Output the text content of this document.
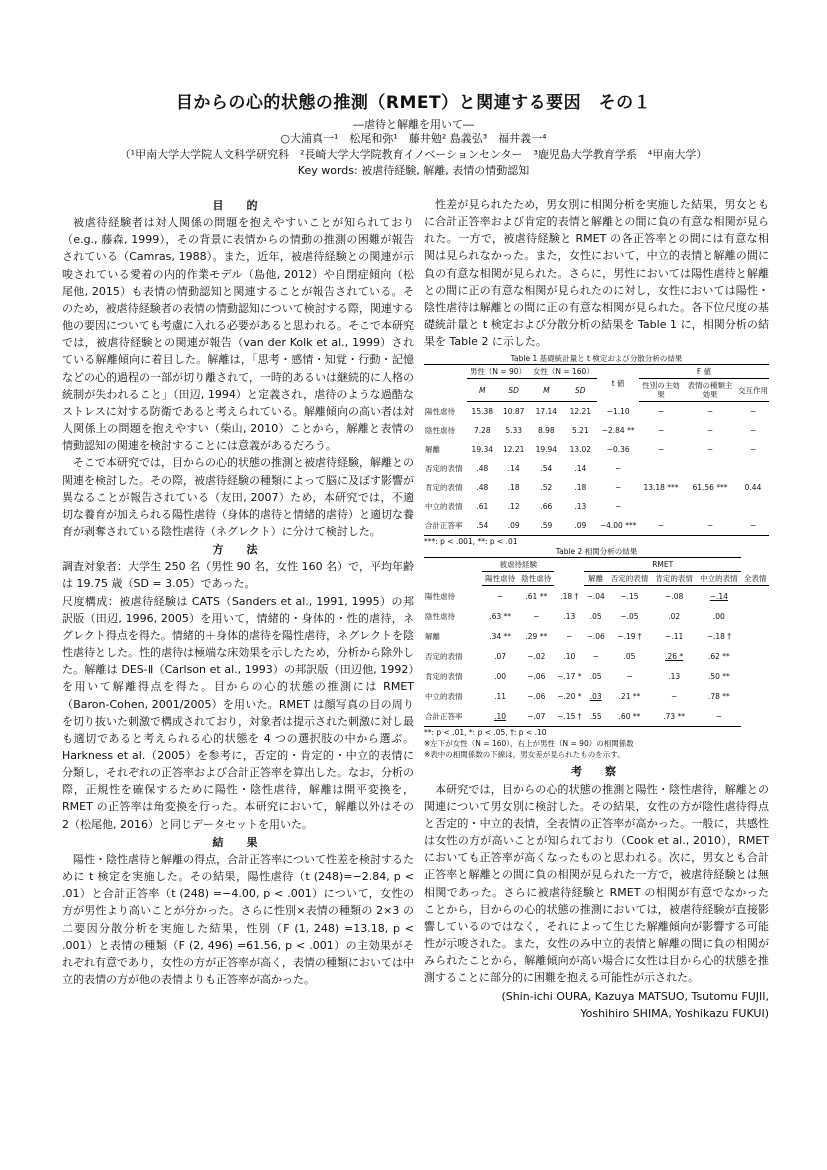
目からの心的状態の推測（RMET）と関連する要因　その１
―虐待と解離を用いて―
○大浦真一¹　松尾和弥¹　藤井勉² 島義弘³　福井義一⁴
（¹甲南大学大学院人文科学研究科　²長崎大学大学院教育イノベーションセンター　³鹿児島大学教育学系　⁴甲南大学）
Key words: 被虐待経験, 解離, 表情の情動認知
目　的

被虐待経験者は対人関係の問題を抱えやすいことが知られており（e.g., 藤森, 1999），その背景に表情からの情動の推測の困難が報告されている（Camras, 1988）。また，近年，被虐待経験との関連が示唆されている愛着の内的作業モデル（島他, 2012）や自閉症傾向（松尾他, 2015）も表情の情動認知と関連することが報告されている。そのため，被虐待経験者の表情の情動認知について検討する際，関連する他の要因についても考慮に入れる必要があると思われる。そこで本研究では，被虐待経験との関連が報告（van der Kolk et al., 1999）されている解離傾向に着目した。解離は，｢思考・感情・知覚・行動・記憶などの心的過程の一部が切り離されて，一時的あるいは継続的に人格の統制が失われること｣（田辺, 1994）と定義され，虐待のような過酷なストレスに対する防衛であると考えられている。解離傾向の高い者は対人関係上の問題を抱えやすい（柴山, 2010）ことから，解離と表情の情動認知の関連を検討することには意義があるだろう。

そこで本研究では，目からの心的状態の推測と被虐待経験，解離との関連を検討した。その際，被虐待経験の種類によって脳に及ぼす影響が異なることが報告されている（友田, 2007）ため，本研究では，不適切な養育が加えられる陽性虐待（身体的虐待と情緒的虐待）と適切な養育が剥奪されている陰性虐待（ネグレクト）に分けて検討した。

方　法

調査対象者：大学生 250 名（男性 90 名，女性 160 名）で，平均年齢は 19.75 歳（SD = 3.05）であった。

尺度構成：被虐待経験は CATS（Sanders et al., 1991, 1995）の邦訳版（田辺, 1996, 2005）を用いて，情緒的・身体的・性的虐待，ネグレクト得点を得た。情緒的＋身体的虐待を陽性虐待，ネグレクトを陰性虐待とした。性的虐待は極端な床効果を示したため，分析から除外した。解離は DES-Ⅱ（Carlson et al., 1993）の邦訳版（田辺他, 1992）を用いて解離得点を得た。目からの心的状態の推測には RMET（Baron-Cohen, 2001/2005）を用いた。RMET は顔写真の目の周りを切り抜いた刺激で構成されており，対象者は提示された刺激に対し最も適切であると考えられる心的状態を 4 つの選択肢の中から選ぶ。Harkness et al.（2005）を参考に，否定的・肯定的・中立的表情に分類し，それぞれの正答率および合計正答率を算出した。なお，分析の際，正規性を確保するために陽性・陰性虐待，解離は開平変換を，RMET の正答率は角変換を行った。本研究において，解離以外はその 2（松尾他, 2016）と同じデータセットを用いた。

結　果

陽性・陰性虐待と解離の得点，合計正答率について性差を検討するために t 検定を実施した。その結果，陽性虐待（t (248)=−2.84, p < .01）と合計正答率（t (248) =−4.00, p < .001）について，女性の方が男性より高いことが分かった。さらに性別×表情の種類の 2×3 の二要因分散分析を実施した結果，性別（F (1, 248) =13.18, p < .001）と表情の種類（F (2, 496) =61.56, p < .001）の主効果がそれぞれ有意であり，女性の方が正答率が高く，表情の種類においては中立的表情の方が他の表情よりも正答率が高かった。

性差が見られたため，男女別に相関分析を実施した結果，男女ともに合計正答率および肯定的表情と解離との間に負の有意な相関が見られた。一方で，被虐待経験と RMET の各正答率との間には有意な相関は見られなかった。また，女性において，中立的表情と解離の間に負の有意な相関が見られた。さらに，男性においては陽性虐待と解離との間に正の有意な相関が見られたのに対し，女性においては陽性・陰性虐待は解離との間に正の有意な相関が見られた。各下位尺度の基礎統計量と t 検定および分散分析の結果を Table 1 に，相関分析の結果を Table 2 に示した。

Table 1 基礎統計量と t 検定および分散分析の結果
	男性（N = 90）		女性（N = 160）		t 値	F 値		
	M	SD	M	SD		性別の主効果	表情の種類主効果	交互作用
陽性虐待	15.38	10.87	17.14	12.21	−1.10	−	−	−
陰性虐待	7.28	5.33	8.98	5.21	−2.84 **	−	−	−
解離	19.34	12.21	19.94	13.02	−0.36	−	−	−
否定的表情	.48	.14	.54	.14	−			
肯定的表情	.48	.18	.52	.18	−	13.18 ***	61.56 ***	0.44
中立的表情	.61	.12	.66	.13	−			
合計正答率	.54	.09	.59	.09	−4.00 ***	−	−	−
***: p < .001, **: p < .01
Table 2 相関分析の結果
	被虐待経験			RMET				
	陽性虐待	陰性虐待		解離	否定的表情	肯定的表情	中立的表情	全表情
陽性虐待	−	.61 **	.18 †	−.04	−.15	−.08	−.14	
陰性虐待	.63 **	−	.13	.05	−.05	.02	.00	
解離	.34 **	.29 **	−	−.06	−.19 †	−.11	−.18 †	
否定的表情	.07	−.02	.10	−	.05	.26 *	.62 **	
肯定的表情	.00	−.06	−.17 *	.05	−	.13	.50 **	
中立的表情	.11	−.06	−.20 *	.03	.21 **	−	.78 **	
合計正答率	.10	−.07	−.15 †	.55	.60 **	.73 **	−	
**: p < .01, *: p < .05, †: p < .10
※左下が女性（N = 160），右上が男性（N = 90）の相関係数
※表中の相関係数の下線は，男女差が見られたものを示す。
考　察

本研究では，目からの心的状態の推測と陽性・陰性虐待，解離との関連について男女別に検討した。その結果，女性の方が陰性虐待得点と否定的・中立的表情，全表情の正答率が高かった。一般に，共感性は女性の方が高いことが知られており（Cook et al., 2010），RMET においても正答率が高くなったものと思われる。次に，男女とも合計正答率と解離との間に負の相関が見られた一方で，被虐待経験とは無相関であった。さらに被虐待経験と RMET の相関が有意でなかったことから，目からの心的状態の推測においては，被虐待経験が直接影響しているのではなく，それによって生じた解離傾向が影響する可能性が示唆された。また，女性のみ中立的表情と解離の間に負の相関がみられたことから，解離傾向が高い場合に女性は目から心的状態を推測することに部分的に困難を抱える可能性が示された。

(Shin-ichi OURA, Kazuya MATSUO, Tsutomu FUJII,
Yoshihiro SHIMA, Yoshikazu FUKUI)
